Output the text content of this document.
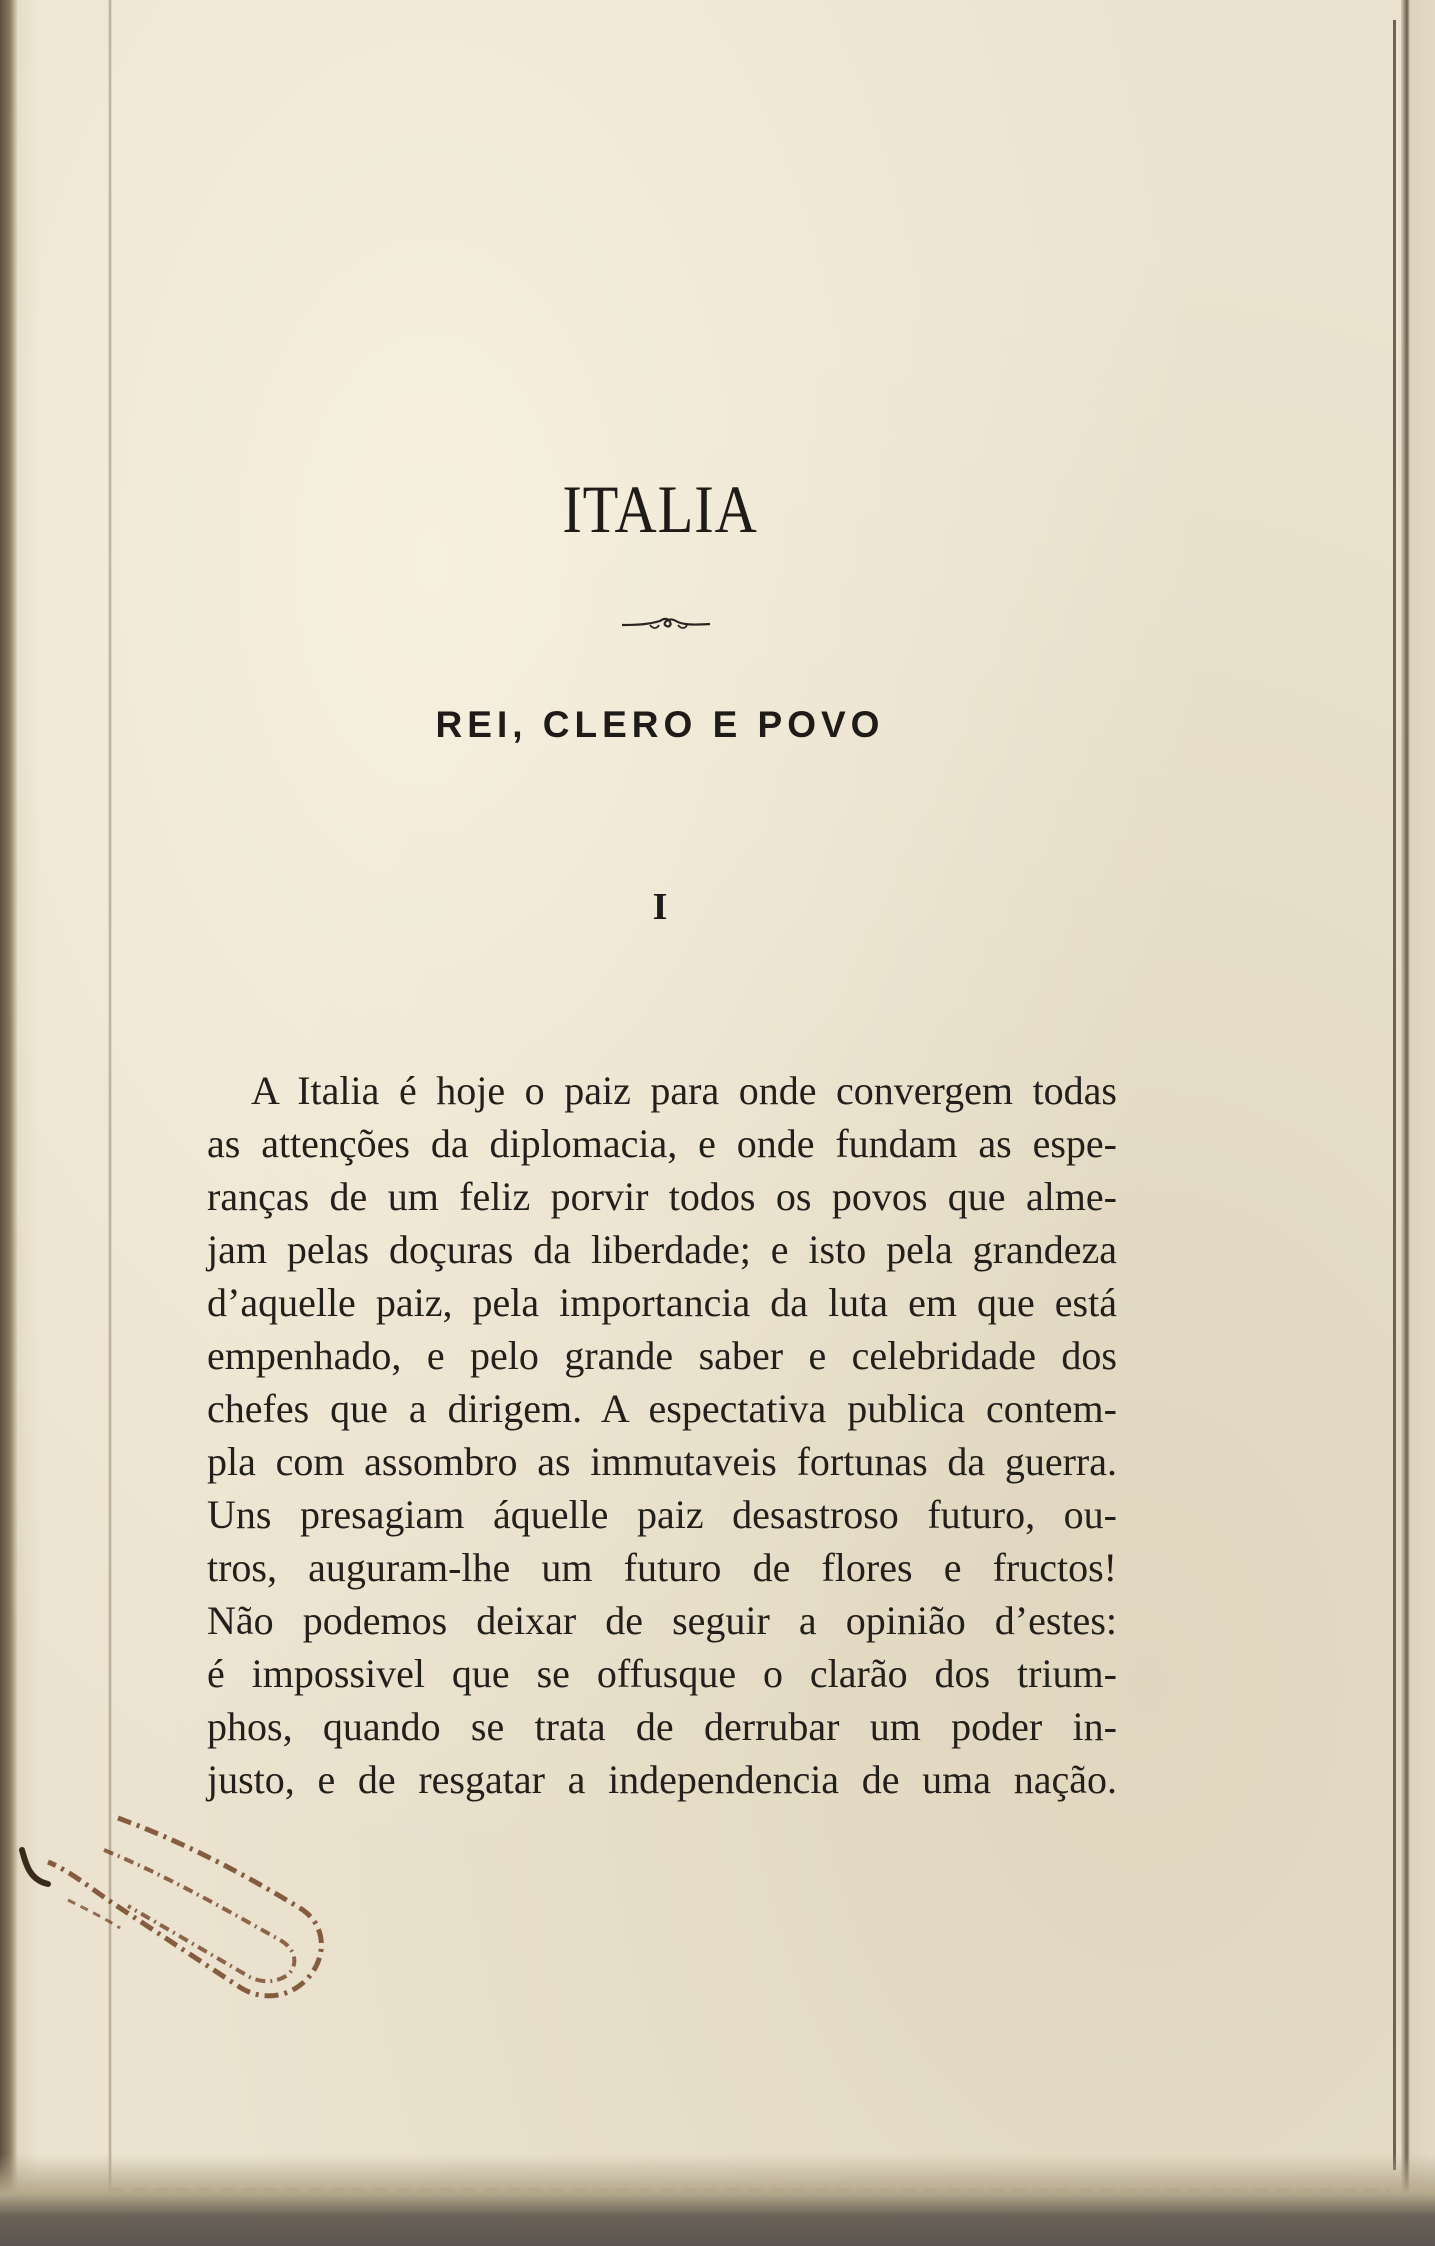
ITALIA
REI, CLERO E POVO
I
A Italia é hoje o paiz para onde convergem todas
as attenções da diplomacia, e onde fundam as espe-
ranças de um feliz porvir todos os povos que alme-
jam pelas doçuras da liberdade; e isto pela grandeza
d’aquelle paiz, pela importancia da luta em que está
empenhado, e pelo grande saber e celebridade dos
chefes que a dirigem. A espectativa publica contem-
pla com assombro as immutaveis fortunas da guerra.
Uns presagiam áquelle paiz desastroso futuro, ou-
tros, auguram-lhe um futuro de flores e fructos!
Não podemos deixar de seguir a opinião d’estes:
é impossivel que se offusque o clarão dos trium-
phos, quando se trata de derrubar um poder in-
justo, e de resgatar a independencia de uma nação.
